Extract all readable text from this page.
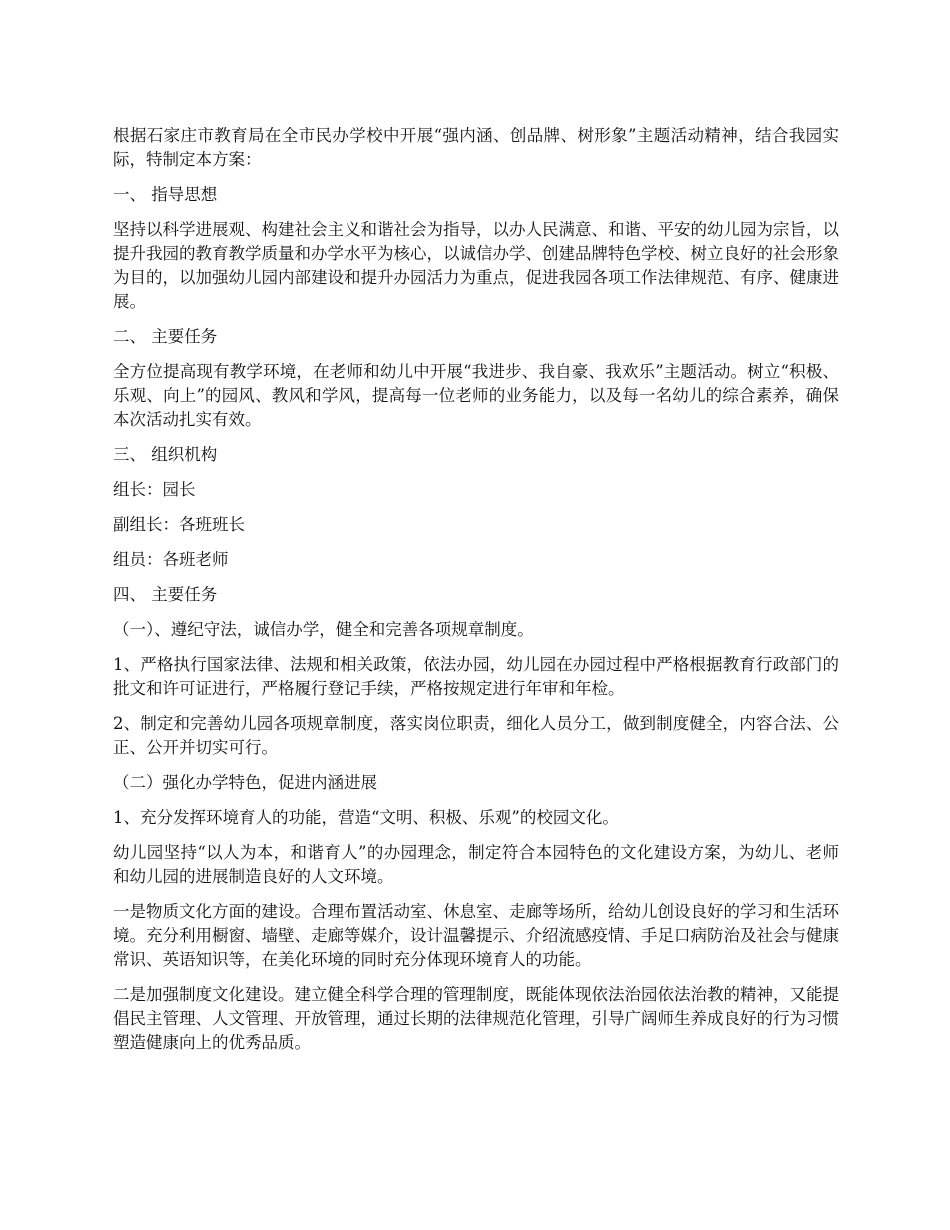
根据石家庄市教育局在全市民办学校中开展“强内涵、创品牌、树形象”主题活动精神，结合我园实际，特制定本方案：

一、 指导思想

坚持以科学进展观、构建社会主义和谐社会为指导，以办人民满意、和谐、平安的幼儿园为宗旨，以提升我园的教育教学质量和办学水平为核心，以诚信办学、创建品牌特色学校、树立良好的社会形象为目的，以加强幼儿园内部建设和提升办园活力为重点，促进我园各项工作法律规范、有序、健康进展。

二、 主要任务

全方位提高现有教学环境，在老师和幼儿中开展“我进步、我自豪、我欢乐”主题活动。树立“积极、乐观、向上”的园风、教风和学风，提高每一位老师的业务能力，以及每一名幼儿的综合素养，确保本次活动扎实有效。

三、 组织机构

组长：园长

副组长：各班班长

组员：各班老师

四、 主要任务

（一）、遵纪守法，诚信办学，健全和完善各项规章制度。

1、严格执行国家法律、法规和相关政策，依法办园，幼儿园在办园过程中严格根据教育行政部门的批文和许可证进行，严格履行登记手续，严格按规定进行年审和年检。

2、制定和完善幼儿园各项规章制度，落实岗位职责，细化人员分工，做到制度健全，内容合法、公正、公开并切实可行。

（二）强化办学特色，促进内涵进展

1、充分发挥环境育人的功能，营造“文明、积极、乐观”的校园文化。

幼儿园坚持“以人为本，和谐育人”的办园理念，制定符合本园特色的文化建设方案，为幼儿、老师和幼儿园的进展制造良好的人文环境。

一是物质文化方面的建设。合理布置活动室、休息室、走廊等场所，给幼儿创设良好的学习和生活环境。充分利用橱窗、墙壁、走廊等媒介，设计温馨提示、介绍流感疫情、手足口病防治及社会与健康常识、英语知识等，在美化环境的同时充分体现环境育人的功能。

二是加强制度文化建设。建立健全科学合理的管理制度，既能体现依法治园依法治教的精神，又能提倡民主管理、人文管理、开放管理，通过长期的法律规范化管理，引导广阔师生养成良好的行为习惯塑造健康向上的优秀品质。
